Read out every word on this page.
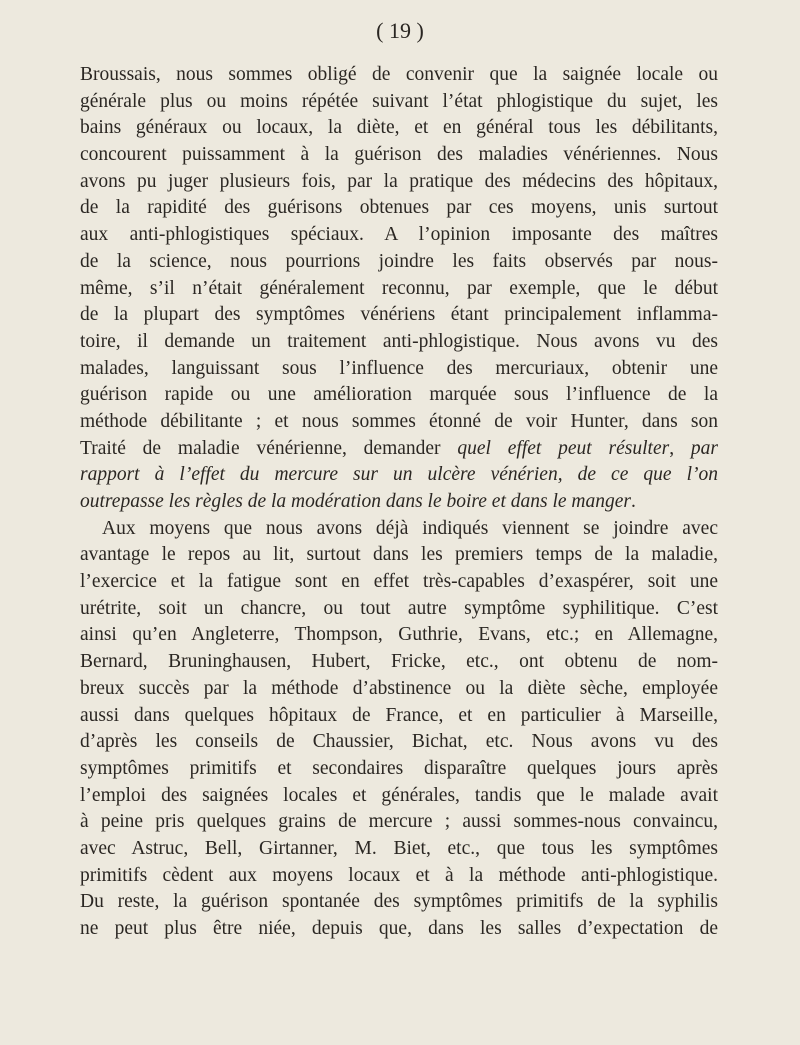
( 19 )
Broussais, nous sommes obligé de convenir que la saignée locale ou
générale plus ou moins répétée suivant l’état phlogistique du sujet, les
bains généraux ou locaux, la diète, et en général tous les débilitants,
concourent puissamment à la guérison des maladies vénériennes. Nous
avons pu juger plusieurs fois, par la pratique des médecins des hôpitaux,
de la rapidité des guérisons obtenues par ces moyens, unis surtout
aux anti-phlogistiques spéciaux. A l’opinion imposante des maîtres
de la science, nous pourrions joindre les faits observés par nous-
même, s’il n’était généralement reconnu, par exemple, que le début
de la plupart des symptômes vénériens étant principalement inflamma-
toire, il demande un traitement anti-phlogistique. Nous avons vu des
malades, languissant sous l’influence des mercuriaux, obtenir une
guérison rapide ou une amélioration marquée sous l’influence de la
méthode débilitante ; et nous sommes étonné de voir Hunter, dans son
Traité de maladie vénérienne, demander quel effet peut résulter, par
rapport à l’effet du mercure sur un ulcère vénérien, de ce que l’on
outrepasse les règles de la modération dans le boire et dans le manger.
Aux moyens que nous avons déjà indiqués viennent se joindre avec
avantage le repos au lit, surtout dans les premiers temps de la maladie,
l’exercice et la fatigue sont en effet très-capables d’exaspérer, soit une
urétrite, soit un chancre, ou tout autre symptôme syphilitique. C’est
ainsi qu’en Angleterre, Thompson, Guthrie, Evans, etc.; en Allemagne,
Bernard, Bruninghausen, Hubert, Fricke, etc., ont obtenu de nom-
breux succès par la méthode d’abstinence ou la diète sèche, employée
aussi dans quelques hôpitaux de France, et en particulier à Marseille,
d’après les conseils de Chaussier, Bichat, etc. Nous avons vu des
symptômes primitifs et secondaires disparaître quelques jours après
l’emploi des saignées locales et générales, tandis que le malade avait
à peine pris quelques grains de mercure ; aussi sommes-nous convaincu,
avec Astruc, Bell, Girtanner, M. Biet, etc., que tous les symptômes
primitifs cèdent aux moyens locaux et à la méthode anti-phlogistique.
Du reste, la guérison spontanée des symptômes primitifs de la syphilis
ne peut plus être niée, depuis que, dans les salles d’expectation de
